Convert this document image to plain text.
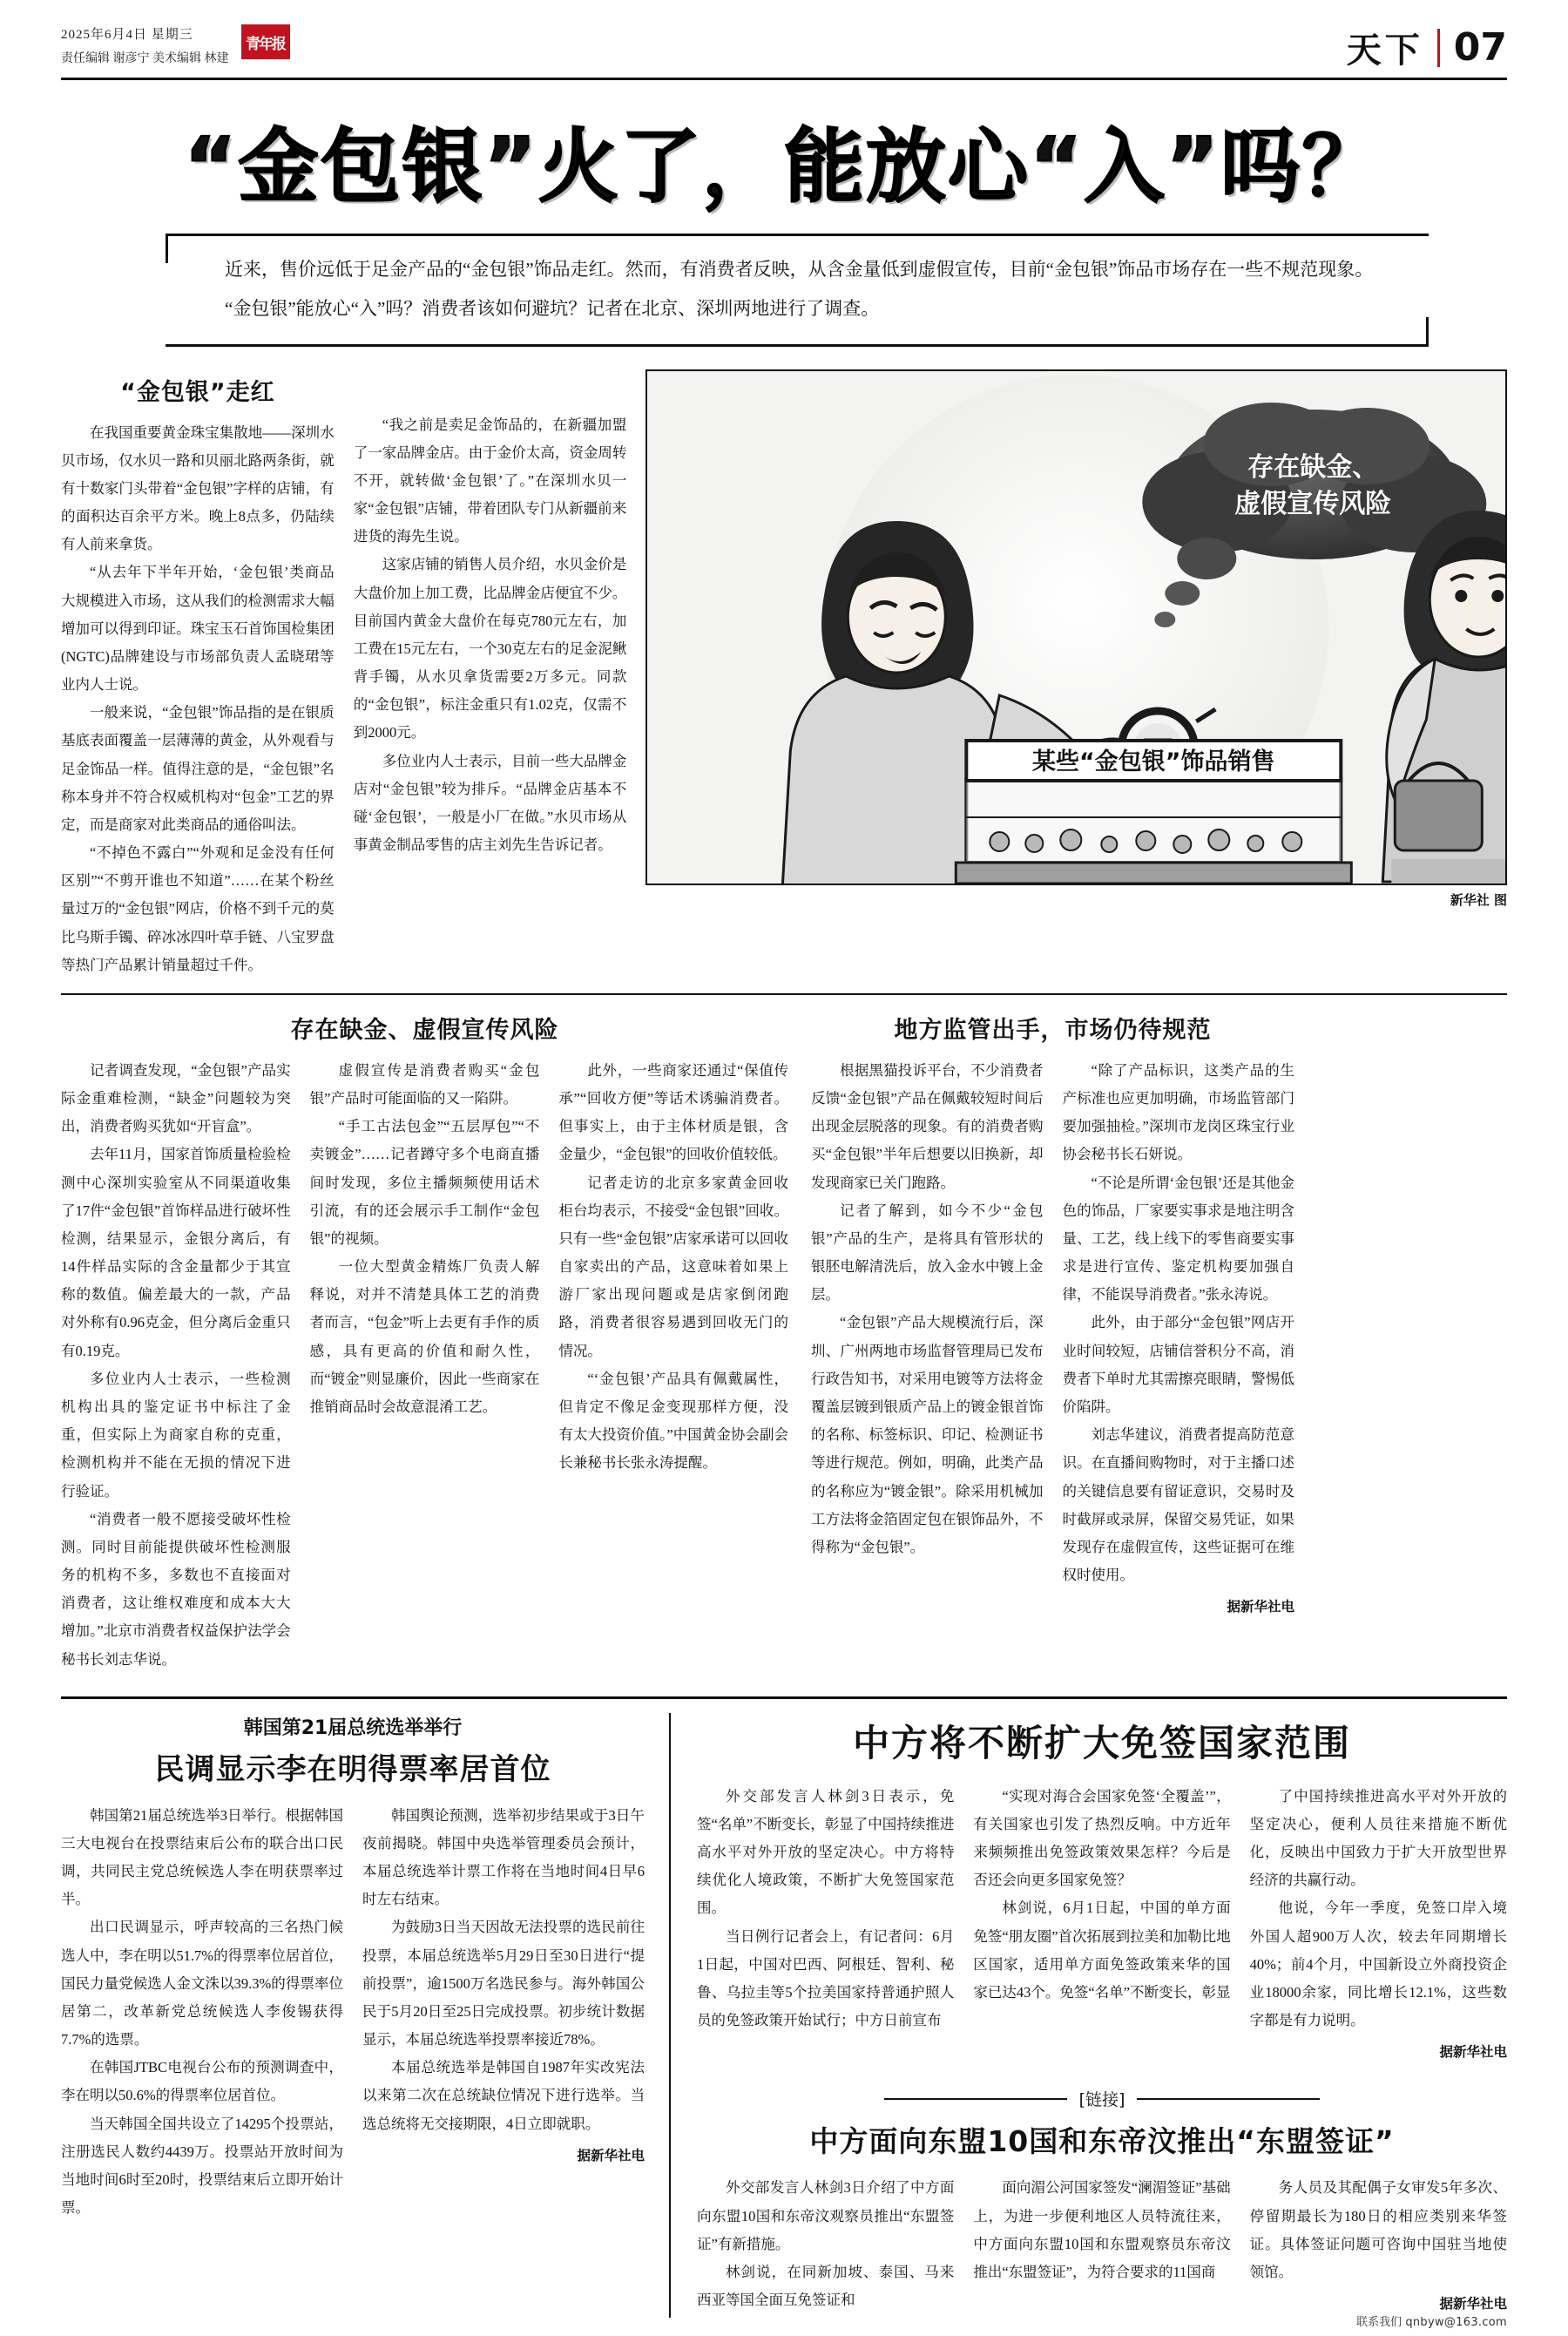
2025年6月4日 星期三
责任编辑 谢彦宁 美术编辑 林建
青年报	天下 07
“金包银”火了，能放心“入”吗？

近来，售价远低于足金产品的“金包银”饰品走红。然而，有消费者反映，从含金量低到虚假宣传，目前“金包银”饰品市场存在一些不规范现象。

“金包银”能放心“入”吗？消费者该如何避坑？记者在北京、深圳两地进行了调查。

“金包银”走红

在我国重要黄金珠宝集散地——深圳水贝市场，仅水贝一路和贝丽北路两条街，就有十数家门头带着“金包银”字样的店铺，有的面积达百余平方米。晚上8点多，仍陆续有人前来拿货。

“从去年下半年开始，‘金包银’类商品大规模进入市场，这从我们的检测需求大幅增加可以得到印证。珠宝玉石首饰国检集团(NGTC)品牌建设与市场部负责人孟晓珺等业内人士说。

一般来说，“金包银”饰品指的是在银质基底表面覆盖一层薄薄的黄金，从外观看与足金饰品一样。值得注意的是，“金包银”名称本身并不符合权威机构对“包金”工艺的界定，而是商家对此类商品的通俗叫法。

“不掉色不露白”“外观和足金没有任何区别”“不剪开谁也不知道”……在某个粉丝量过万的“金包银”网店，价格不到千元的莫比乌斯手镯、碎冰冰四叶草手链、八宝罗盘等热门产品累计销量超过千件。

“我之前是卖足金饰品的，在新疆加盟了一家品牌金店。由于金价太高，资金周转不开，就转做‘金包银’了。”在深圳水贝一家“金包银”店铺，带着团队专门从新疆前来进货的海先生说。

这家店铺的销售人员介绍，水贝金价是大盘价加上加工费，比品牌金店便宜不少。目前国内黄金大盘价在每克780元左右，加工费在15元左右，一个30克左右的足金泥鳅背手镯，从水贝拿货需要2万多元。同款的“金包银”，标注金重只有1.02克，仅需不到2000元。

多位业内人士表示，目前一些大品牌金店对“金包银”较为排斥。“品牌金店基本不碰‘金包银’，一般是小厂在做。”水贝市场从事黄金制品零售的店主刘先生告诉记者。

存在缺金、
虚假宣传风险
某些“金包银”饰品销售
新华社 图
存在缺金、虚假宣传风险

记者调查发现，“金包银”产品实际金重难检测，“缺金”问题较为突出，消费者购买犹如“开盲盒”。

去年11月，国家首饰质量检验检测中心深圳实验室从不同渠道收集了17件“金包银”首饰样品进行破坏性检测，结果显示，金银分离后，有14件样品实际的含金量都少于其宣称的数值。偏差最大的一款，产品对外称有0.96克金，但分离后金重只有0.19克。

多位业内人士表示，一些检测机构出具的鉴定证书中标注了金重，但实际上为商家自称的克重，检测机构并不能在无损的情况下进行验证。

“消费者一般不愿接受破坏性检测。同时目前能提供破坏性检测服务的机构不多，多数也不直接面对消费者，这让维权难度和成本大大增加。”北京市消费者权益保护法学会秘书长刘志华说。

虚假宣传是消费者购买“金包银”产品时可能面临的又一陷阱。

“手工古法包金”“五层厚包”“不卖镀金”……记者蹲守多个电商直播间时发现，多位主播频频使用话术引流，有的还会展示手工制作“金包银”的视频。

一位大型黄金精炼厂负责人解释说，对并不清楚具体工艺的消费者而言，“包金”听上去更有手作的质感，具有更高的价值和耐久性，而“镀金”则显廉价，因此一些商家在推销商品时会故意混淆工艺。

此外，一些商家还通过“保值传承”“回收方便”等话术诱骗消费者。但事实上，由于主体材质是银，含金量少，“金包银”的回收价值较低。

记者走访的北京多家黄金回收柜台均表示，不接受“金包银”回收。只有一些“金包银”店家承诺可以回收自家卖出的产品，这意味着如果上游厂家出现问题或是店家倒闭跑路，消费者很容易遇到回收无门的情况。

“‘金包银’产品具有佩戴属性，但肯定不像足金变现那样方便，没有太大投资价值。”中国黄金协会副会长兼秘书长张永涛提醒。

地方监管出手，市场仍待规范

根据黑猫投诉平台，不少消费者反馈“金包银”产品在佩戴较短时间后出现金层脱落的现象。有的消费者购买“金包银”半年后想要以旧换新，却发现商家已关门跑路。

记者了解到，如今不少“金包银”产品的生产，是将具有管形状的银胚电解清洗后，放入金水中镀上金层。

“金包银”产品大规模流行后，深圳、广州两地市场监督管理局已发布行政告知书，对采用电镀等方法将金覆盖层镀到银质产品上的镀金银首饰的名称、标签标识、印记、检测证书等进行规范。例如，明确，此类产品的名称应为“镀金银”。除采用机械加工方法将金箔固定包在银饰品外，不得称为“金包银”。

“除了产品标识，这类产品的生产标准也应更加明确，市场监管部门要加强抽检。”深圳市龙岗区珠宝行业协会秘书长石妍说。

“不论是所谓‘金包银’还是其他金色的饰品，厂家要实事求是地注明含量、工艺，线上线下的零售商要实事求是进行宣传、鉴定机构要加强自律，不能误导消费者。”张永涛说。

此外，由于部分“金包银”网店开业时间较短，店铺信誉积分不高，消费者下单时尤其需擦亮眼睛，警惕低价陷阱。

刘志华建议，消费者提高防范意识。在直播间购物时，对于主播口述的关键信息要有留证意识，交易时及时截屏或录屏，保留交易凭证，如果发现存在虚假宣传，这些证据可在维权时使用。

据新华社电
韩国第21届总统选举举行
民调显示李在明得票率居首位

韩国第21届总统选举3日举行。根据韩国三大电视台在投票结束后公布的联合出口民调，共同民主党总统候选人李在明获票率过半。

出口民调显示，呼声较高的三名热门候选人中，李在明以51.7%的得票率位居首位，国民力量党候选人金文洙以39.3%的得票率位居第二，改革新党总统候选人李俊锡获得7.7%的选票。

在韩国JTBC电视台公布的预测调查中，李在明以50.6%的得票率位居首位。

当天韩国全国共设立了14295个投票站，注册选民人数约4439万。投票站开放时间为当地时间6时至20时，投票结束后立即开始计票。

韩国舆论预测，选举初步结果或于3日午夜前揭晓。韩国中央选举管理委员会预计，本届总统选举计票工作将在当地时间4日早6时左右结束。

为鼓励3日当天因故无法投票的选民前往投票，本届总统选举5月29日至30日进行“提前投票”，逾1500万名选民参与。海外韩国公民于5月20日至25日完成投票。初步统计数据显示，本届总统选举投票率接近78%。

本届总统选举是韩国自1987年实改宪法以来第二次在总统缺位情况下进行选举。当选总统将无交接期限，4日立即就职。

据新华社电
中方将不断扩大免签国家范围

外交部发言人林剑3日表示，免签“名单”不断变长，彰显了中国持续推进高水平对外开放的坚定决心。中方将特续优化人境政策，不断扩大免签国家范围。

当日例行记者会上，有记者问：6月1日起，中国对巴西、阿根廷、智利、秘鲁、乌拉圭等5个拉美国家持普通护照人员的免签政策开始试行；中方日前宣布

“实现对海合会国家免签‘全覆盖’”，有关国家也引发了热烈反响。中方近年来频频推出免签政策效果怎样？今后是否还会向更多国家免签？

林剑说，6月1日起，中国的单方面免签“朋友圈”首次拓展到拉美和加勒比地区国家，适用单方面免签政策来华的国家已达43个。免签“名单”不断变长，彰显

了中国持续推进高水平对外开放的坚定决心，便利人员往来措施不断优化，反映出中国致力于扩大开放型世界经济的共赢行动。

他说，今年一季度，免签口岸入境外国人超900万人次，较去年同期增长40%；前4个月，中国新设立外商投资企业18000余家，同比增长12.1%，这些数字都是有力说明。

据新华社电
[链接]
中方面向东盟10国和东帝汶推出“东盟签证”

外交部发言人林剑3日介绍了中方面向东盟10国和东帝汶观察员推出“东盟签证”有新措施。

林剑说，在同新加坡、泰国、马来西亚等国全面互免签证和

面向湄公河国家签发“澜湄签证”基础上，为进一步便利地区人员特流往来，中方面向东盟10国和东盟观察员东帝汶推出“东盟签证”，为符合要求的11国商

务人员及其配偶子女审发5年多次、停留期最长为180日的相应类别来华签证。具体签证问题可咨询中国驻当地使领馆。

据新华社电
联系我们 qnbyw@163.com
